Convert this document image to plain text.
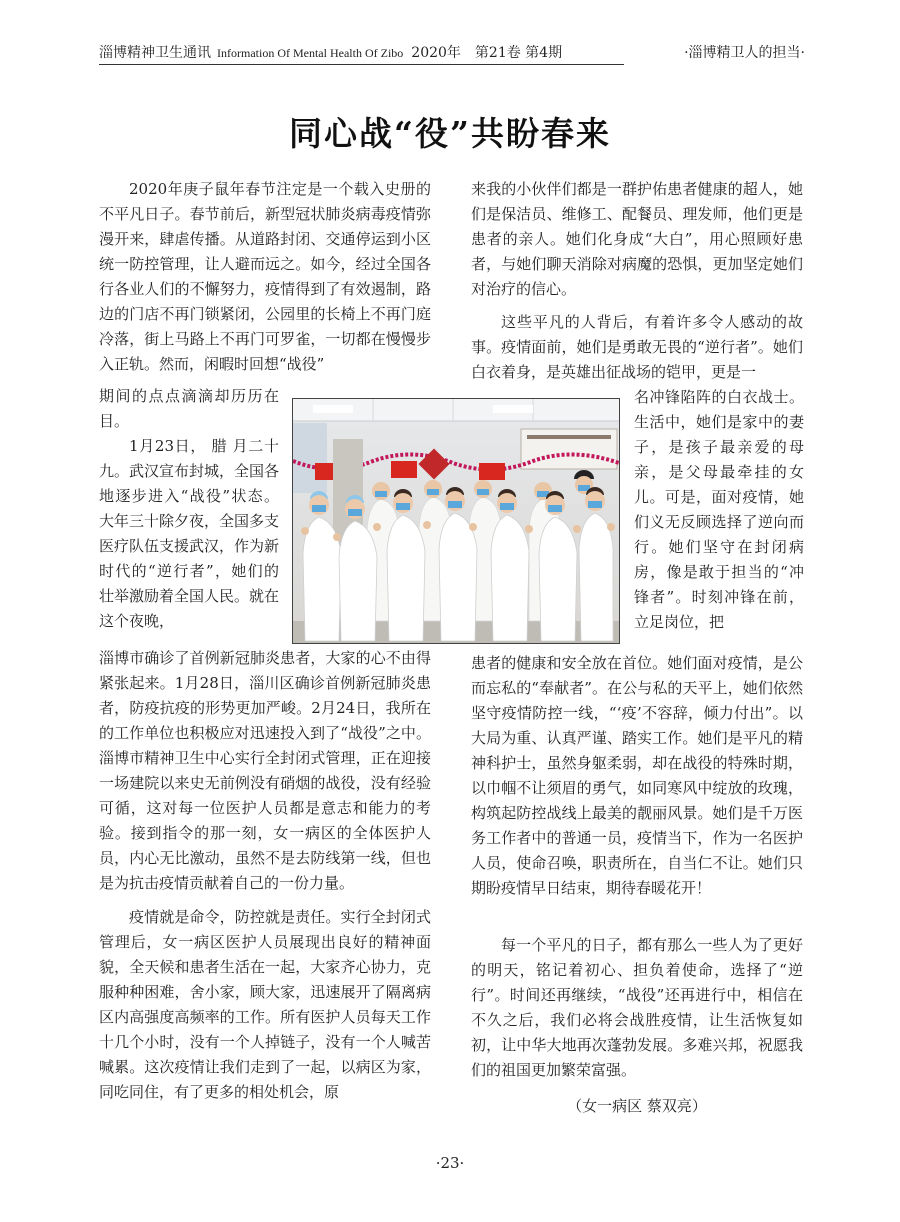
淄博精神卫生通讯 Information Of Mental Health Of Zibo 2020年　第21卷 第4期	·淄博精卫人的担当·
同心战“役”共盼春来

2020年庚子鼠年春节注定是一个载入史册的不平凡日子。春节前后，新型冠状肺炎病毒疫情弥漫开来，肆虐传播。从道路封闭、交通停运到小区统一防控管理，让人避而远之。如今，经过全国各行各业人们的不懈努力，疫情得到了有效遏制，路边的门店不再门锁紧闭，公园里的长椅上不再门庭冷落，街上马路上不再门可罗雀，一切都在慢慢步入正轨。然而，闲暇时回想“战役”

期间的点点滴滴却历历在目。

1月23日， 腊 月二十九。武汉宣布封城，全国各地逐步进入“战役”状态。大年三十除夕夜，全国多支医疗队伍支援武汉，作为新时代的“逆行者”，她们的壮举激励着全国人民。就在这个夜晚，

淄博市确诊了首例新冠肺炎患者，大家的心不由得紧张起来。1月28日，淄川区确诊首例新冠肺炎患者，防疫抗疫的形势更加严峻。2月24日，我所在的工作单位也积极应对迅速投入到了“战役”之中。淄博市精神卫生中心实行全封闭式管理，正在迎接一场建院以来史无前例没有硝烟的战役，没有经验可循，这对每一位医护人员都是意志和能力的考验。接到指令的那一刻，女一病区的全体医护人员，内心无比激动，虽然不是去防线第一线，但也是为抗击疫情贡献着自己的一份力量。

疫情就是命令，防控就是责任。实行全封闭式管理后，女一病区医护人员展现出良好的精神面貌，全天候和患者生活在一起，大家齐心协力，克服种种困难，舍小家，顾大家，迅速展开了隔离病区内高强度高频率的工作。所有医护人员每天工作十几个小时，没有一个人掉链子，没有一个人喊苦喊累。这次疫情让我们走到了一起，以病区为家，同吃同住，有了更多的相处机会，原

来我的小伙伴们都是一群护佑患者健康的超人，她们是保洁员、维修工、配餐员、理发师，他们更是患者的亲人。她们化身成“大白”，用心照顾好患者，与她们聊天消除对病魔的恐惧，更加坚定她们对治疗的信心。

这些平凡的人背后，有着许多令人感动的故事。疫情面前，她们是勇敢无畏的“逆行者”。她们白衣着身，是英雄出征战场的铠甲，更是一

名冲锋陷阵的白衣战士。生活中，她们是家中的妻子，是孩子最亲爱的母亲，是父母最牵挂的女儿。可是，面对疫情，她们义无反顾选择了逆向而行。她们坚守在封闭病房，像是敢于担当的“冲锋者”。时刻冲锋在前，立足岗位，把

患者的健康和安全放在首位。她们面对疫情，是公而忘私的“奉献者”。在公与私的天平上，她们依然坚守疫情防控一线，“‘疫’不容辞，倾力付出”。以大局为重、认真严谨、踏实工作。她们是平凡的精神科护士，虽然身躯柔弱，却在战役的特殊时期，以巾帼不让须眉的勇气，如同寒风中绽放的玫瑰，构筑起防控战线上最美的靓丽风景。她们是千万医务工作者中的普通一员，疫情当下，作为一名医护人员，使命召唤，职责所在，自当仁不让。她们只期盼疫情早日结束，期待春暖花开！

每一个平凡的日子，都有那么一些人为了更好的明天，铭记着初心、担负着使命，选择了“逆行”。时间还再继续，“战役”还再进行中，相信在不久之后，我们必将会战胜疫情，让生活恢复如初，让中华大地再次蓬勃发展。多难兴邦，祝愿我们的祖国更加繁荣富强。

（女一病区 蔡双亮）

·23·
